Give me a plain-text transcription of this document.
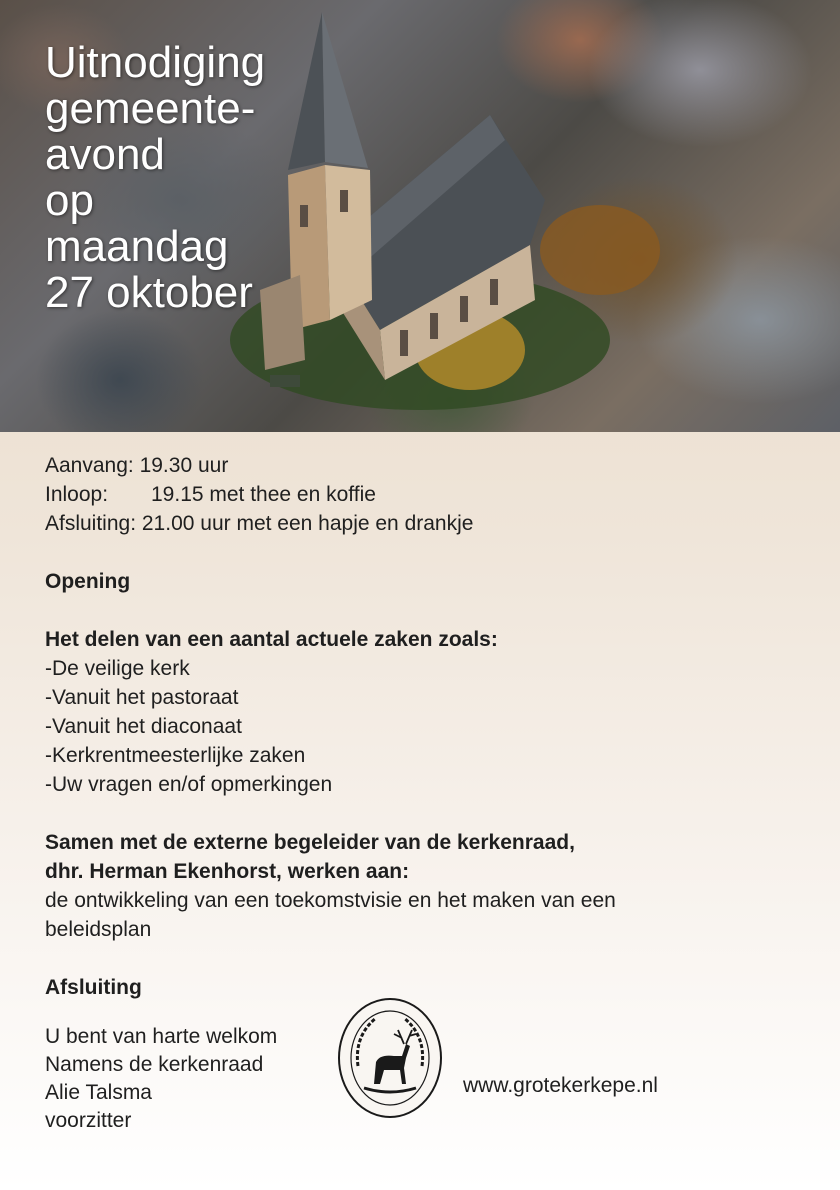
Uitnodiging
gemeente-
avond
op
maandag
27 oktober
Aanvang: 19.30 uur
Inloop: 19.15 met thee en koffie
Afsluiting: 21.00 uur met een hapje en drankje
Opening
Het delen van een aantal actuele zaken zoals:
-De veilige kerk
-Vanuit het pastoraat
-Vanuit het diaconaat
-Kerkrentmeesterlijke zaken
-Uw vragen en/of opmerkingen
Samen met de externe begeleider van de kerkenraad,
dhr. Herman Ekenhorst, werken aan:
de ontwikkeling van een toekomstvisie en het maken van een
beleidsplan
Afsluiting
U bent van harte welkom
Namens de kerkenraad
Alie Talsma
voorzitter
www.grotekerkepe.nl
